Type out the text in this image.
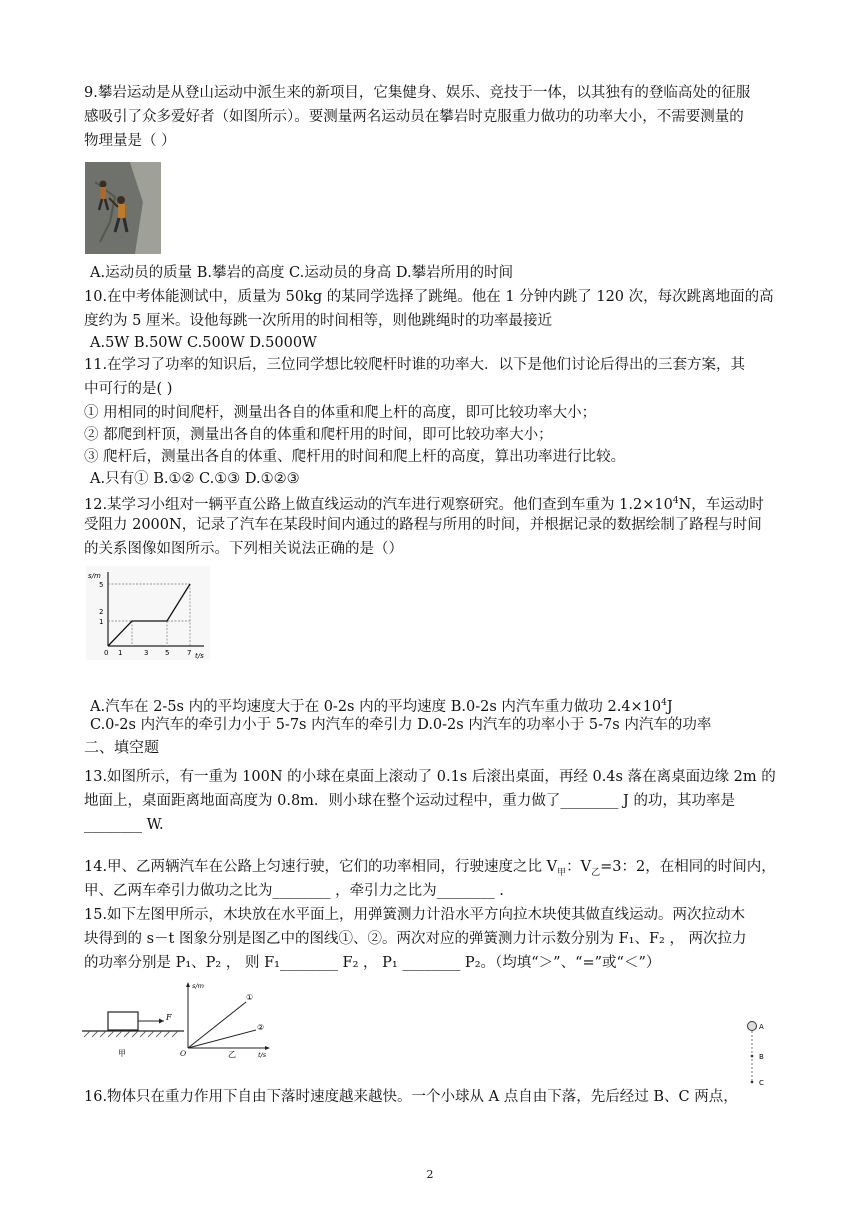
9.攀岩运动是从登山运动中派生来的新项目，它集健身、娱乐、竞技于一体，以其独有的登临高处的征服
感吸引了众多爱好者（如图所示）。要测量两名运动员在攀岩时克服重力做功的功率大小，不需要测量的
物理量是（ ）
A.运动员的质量 B.攀岩的高度 C.运动员的身高 D.攀岩所用的时间
10.在中考体能测试中，质量为 50kg 的某同学选择了跳绳。他在 1 分钟内跳了 120 次，每次跳离地面的高
度约为 5 厘米。设他每跳一次所用的时间相等，则他跳绳时的功率最接近
A.5W B.50W C.500W D.5000W
11.在学习了功率的知识后，三位同学想比较爬杆时谁的功率大．以下是他们讨论后得出的三套方案，其
中可行的是( )
① 用相同的时间爬杆，测量出各自的体重和爬上杆的高度，即可比较功率大小；
② 都爬到杆顶，测量出各自的体重和爬杆用的时间，即可比较功率大小；
③ 爬杆后，测量出各自的体重、爬杆用的时间和爬上杆的高度，算出功率进行比较。
A.只有① B.①② C.①③ D.①②③
12.某学习小组对一辆平直公路上做直线运动的汽车进行观察研究。他们查到车重为 $1.2\times 10^4N$，车运动时
受阻力 2000N，记录了汽车在某段时间内通过的路程与所用的时间，并根据记录的数据绘制了路程与时间
的关系图像如图所示。下列相关说法正确的是（）
s/m
t/s
5
2
1
0 1	3 5	7
A.汽车在 2-5s 内的平均速度大于在 0-2s 内的平均速度 B.0-2s 内汽车重力做功 $2.4\times 10^4J$
C.0-2s 内汽车的牵引力小于 5-7s 内汽车的牵引力 D.0-2s 内汽车的功率小于 5-7s 内汽车的功率
二、填空题
13.如图所示，有一重为 100N 的小球在桌面上滚动了 0.1s 后滚出桌面，再经 0.4s 落在离桌面边缘 2m 的
地面上，桌面距离地面高度为 0.8m．则小球在整个运动过程中，重力做了________ J 的功，其功率是
________ W.
14.甲、乙两辆汽车在公路上匀速行驶，它们的功率相同，行驶速度之比 $V_甲$：$V_乙=3$：2，在相同的时间内，
甲、乙两车牵引力做功之比为________ ，牵引力之比为________ .
15.如下左图甲所示，木块放在水平面上，用弹簧测力计沿水平方向拉木块使其做直线运动。两次拉动木
块得到的 s－t 图象分别是图乙中的图线①、②。两次对应的弹簧测力计示数分别为 F₁、F₂ ， 两次拉力
的功率分别是 P₁、P₂ ， 则 F₁________ F₂ ， P₁ ________ P₂。（均填“＞”、“=”或“＜”）
F
甲
s/m
t/s
O
①
②
乙
A
B
C
16.物体只在重力作用下自由下落时速度越来越快。一个小球从 A 点自由下落，先后经过 B、C 两点，
2
